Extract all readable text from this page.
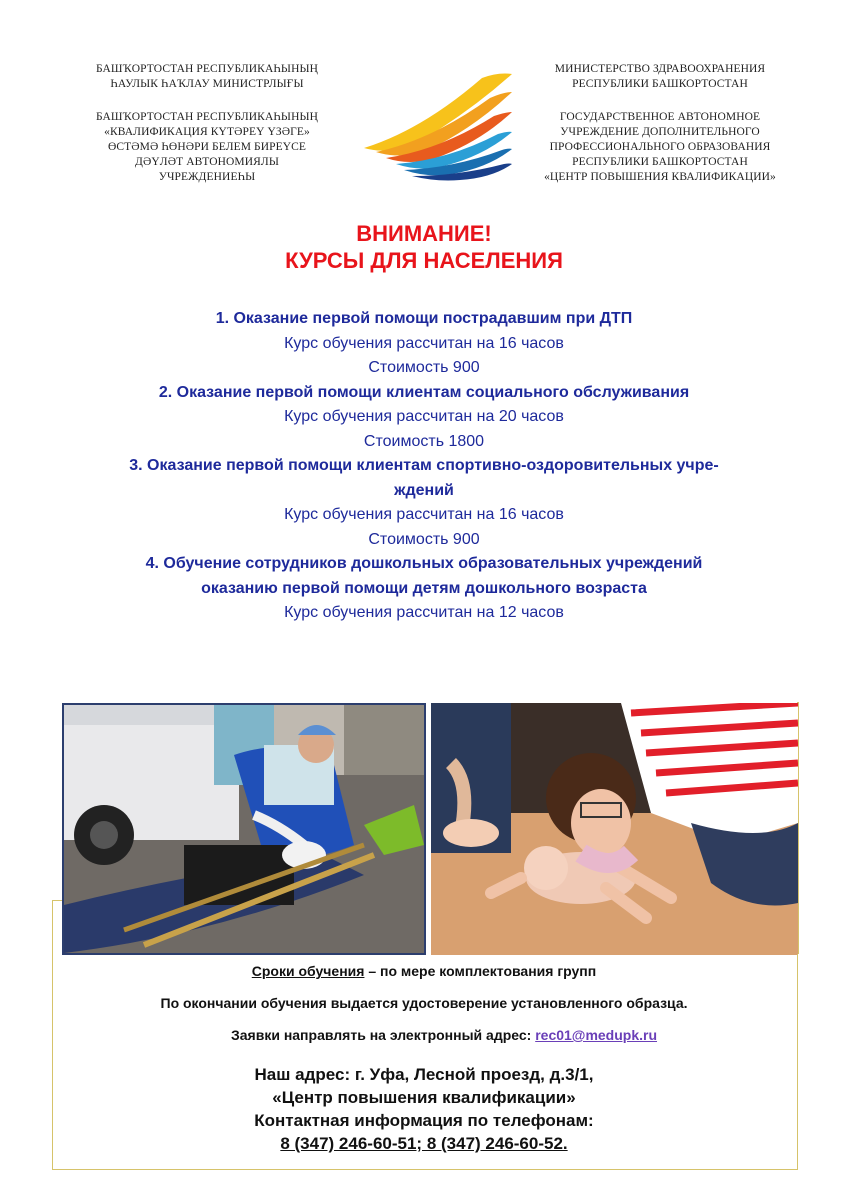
БАШҠОРТОСТАН РЕСПУБЛИКАҺЫНЫҢ
ҺАУЛЫК ҺАҠЛАУ МИНИСТРЛЫҒЫ
БАШҠОРТОСТАН РЕСПУБЛИКАҺЫНЫҢ
«КВАЛИФИКАЦИЯ КҮТӘРЕҮ ҮЗӘГЕ»
ӨСТӘМӘ ҺӨНӘРИ БЕЛЕМ БИРЕҮСЕ
ДӘҮЛӘТ АВТОНОМИЯЛЫ
УЧРЕЖДЕНИЕҺЫ
МИНИСТЕРСТВО ЗДРАВООХРАНЕНИЯ
РЕСПУБЛИКИ БАШКОРТОСТАН
ГОСУДАРСТВЕННОЕ АВТОНОМНОЕ
УЧРЕЖДЕНИЕ ДОПОЛНИТЕЛЬНОГО
ПРОФЕССИОНАЛЬНОГО ОБРАЗОВАНИЯ
РЕСПУБЛИКИ БАШКОРТОСТАН
«ЦЕНТР ПОВЫШЕНИЯ КВАЛИФИКАЦИИ»
ВНИМАНИЕ!
КУРСЫ ДЛЯ НАСЕЛЕНИЯ
1. Оказание первой помощи пострадавшим при ДТП
Курс обучения рассчитан на 16 часов
Стоимость 900
2. Оказание первой помощи клиентам социального обслуживания
Курс обучения рассчитан на 20 часов
Стоимость 1800
3. Оказание первой помощи клиентам спортивно-оздоровительных учре-
ждений
Курс обучения рассчитан на 16 часов
Стоимость 900
4. Обучение сотрудников дошкольных образовательных учреждений
оказанию первой помощи детям дошкольного возраста
Курс обучения рассчитан на 12 часов
Сроки обучения – по мере комплектования групп
По окончании обучения выдается удостоверение установленного образца.
Заявки направлять на электронный адрес: rec01@medupk.ru
Наш адрес: г. Уфа, Лесной проезд, д.3/1,
«Центр повышения квалификации»
Контактная информация по телефонам:
8 (347) 246-60-51; 8 (347) 246-60-52.
